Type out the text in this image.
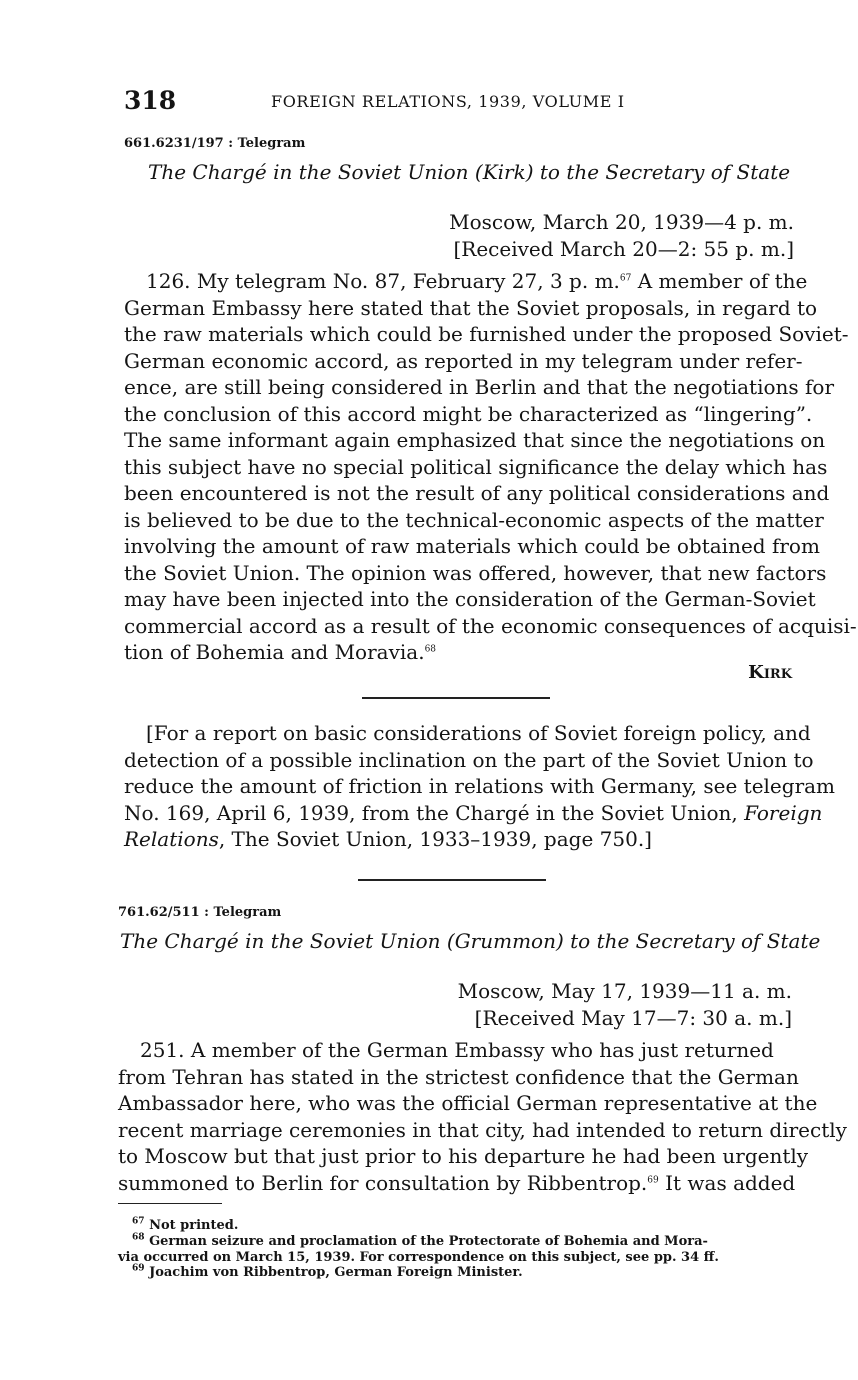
318	FOREIGN RELATIONS, 1939, VOLUME I
661.6231/197 : Telegram
The Chargé in the Soviet Union (Kirk) to the Secretary of State
Moscow, March 20, 1939—4 p. m.
[Received March 20—2: 55 p. m.]
126. My telegram No. 87, February 27, 3 p. m.$^{67}$ A member of the
German Embassy here stated that the Soviet proposals, in regard to
the raw materials which could be furnished under the proposed Soviet-
German economic accord, as reported in my telegram under refer-
ence, are still being considered in Berlin and that the negotiations for
the conclusion of this accord might be characterized as “lingering”.
The same informant again emphasized that since the negotiations on
this subject have no special political significance the delay which has
been encountered is not the result of any political considerations and
is believed to be due to the technical-economic aspects of the matter
involving the amount of raw materials which could be obtained from
the Soviet Union. The opinion was offered, however, that new factors
may have been injected into the consideration of the German-Soviet
commercial accord as a result of the economic consequences of acquisi-
tion of Bohemia and Moravia.$^{68}$
Kirk
[For a report on basic considerations of Soviet foreign policy, and
detection of a possible inclination on the part of the Soviet Union to
reduce the amount of friction in relations with Germany, see telegram
No. 169, April 6, 1939, from the Chargé in the Soviet Union, Foreign
Relations, The Soviet Union, 1933–1939, page 750.]
761.62/511 : Telegram
The Chargé in the Soviet Union (Grummon) to the Secretary of State
Moscow, May 17, 1939—11 a. m.
[Received May 17—7: 30 a. m.]
251. A member of the German Embassy who has just returned
from Tehran has stated in the strictest confidence that the German
Ambassador here, who was the official German representative at the
recent marriage ceremonies in that city, had intended to return directly
to Moscow but that just prior to his departure he had been urgently
summoned to Berlin for consultation by Ribbentrop.$^{69}$ It was added
$^{67}$ Not printed.
$^{68}$ German seizure and proclamation of the Protectorate of Bohemia and Mora-
via occurred on March 15, 1939. For correspondence on this subject, see pp. 34 ff.
$^{69}$ Joachim von Ribbentrop, German Foreign Minister.
